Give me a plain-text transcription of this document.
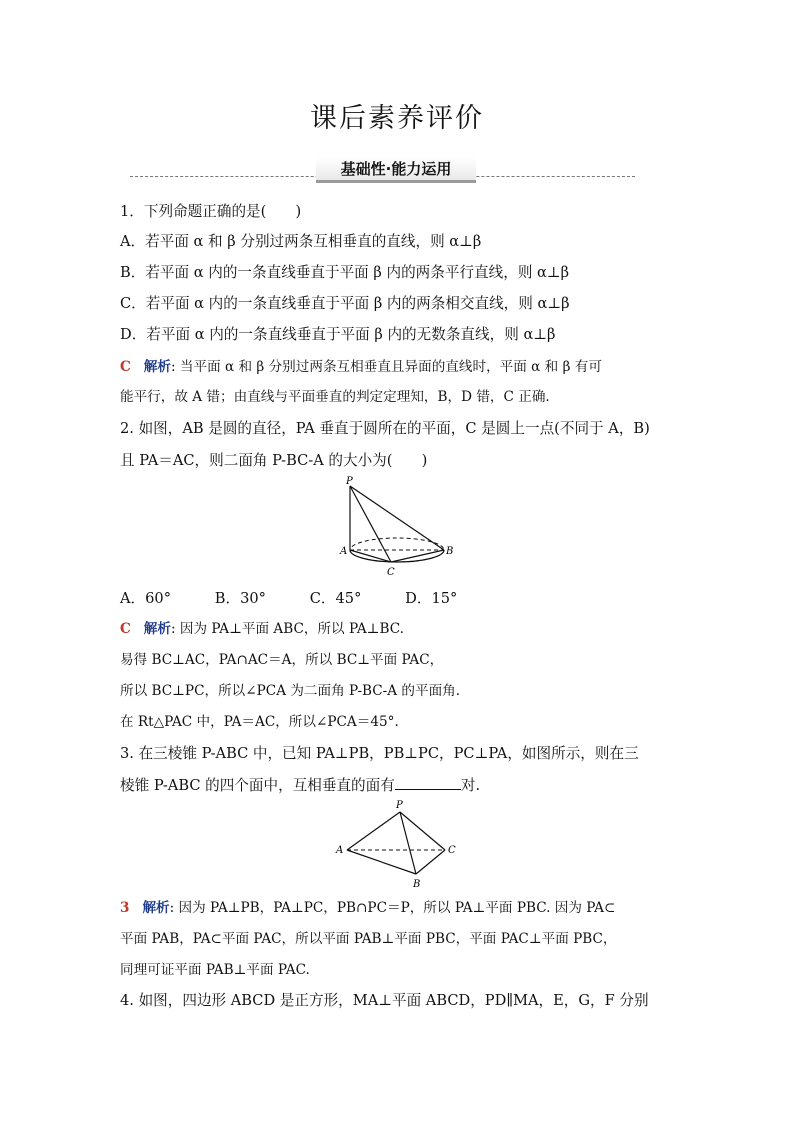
课后素养评价
基础性·能力运用
1．下列命题正确的是(　　)
A．若平面 α 和 β 分别过两条互相垂直的直线，则 α⊥β
B．若平面 α 内的一条直线垂直于平面 β 内的两条平行直线，则 α⊥β
C．若平面 α 内的一条直线垂直于平面 β 内的两条相交直线，则 α⊥β
D．若平面 α 内的一条直线垂直于平面 β 内的无数条直线，则 α⊥β
C 解析: 当平面 α 和 β 分别过两条互相垂直且异面的直线时，平面 α 和 β 有可
能平行，故 A 错；由直线与平面垂直的判定定理知，B，D 错，C 正确.
2. 如图，AB 是圆的直径，PA 垂直于圆所在的平面，C 是圆上一点(不同于 A，B)
且 PA＝AC，则二面角 P-BC-A 的大小为(　　)
P
A	B
C
A．60°　　　B．30°　　　C．45°　　　D．15°
C 解析: 因为 PA⊥平面 ABC，所以 PA⊥BC.
易得 BC⊥AC，PA∩AC＝A，所以 BC⊥平面 PAC，
所以 BC⊥PC，所以∠PCA 为二面角 P-BC-A 的平面角.
在 Rt△PAC 中，PA＝AC，所以∠PCA＝45°.
3. 在三棱锥 P-ABC 中，已知 PA⊥PB，PB⊥PC，PC⊥PA，如图所示，则在三
棱锥 P-ABC 的四个面中，互相垂直的面有	对.
P
A	C
B
3 解析: 因为 PA⊥PB，PA⊥PC，PB∩PC＝P，所以 PA⊥平面 PBC. 因为 PA⊂
平面 PAB，PA⊂平面 PAC，所以平面 PAB⊥平面 PBC，平面 PAC⊥平面 PBC，
同理可证平面 PAB⊥平面 PAC.
4. 如图，四边形 ABCD 是正方形，MA⊥平面 ABCD，PD∥MA，E，G，F 分别
